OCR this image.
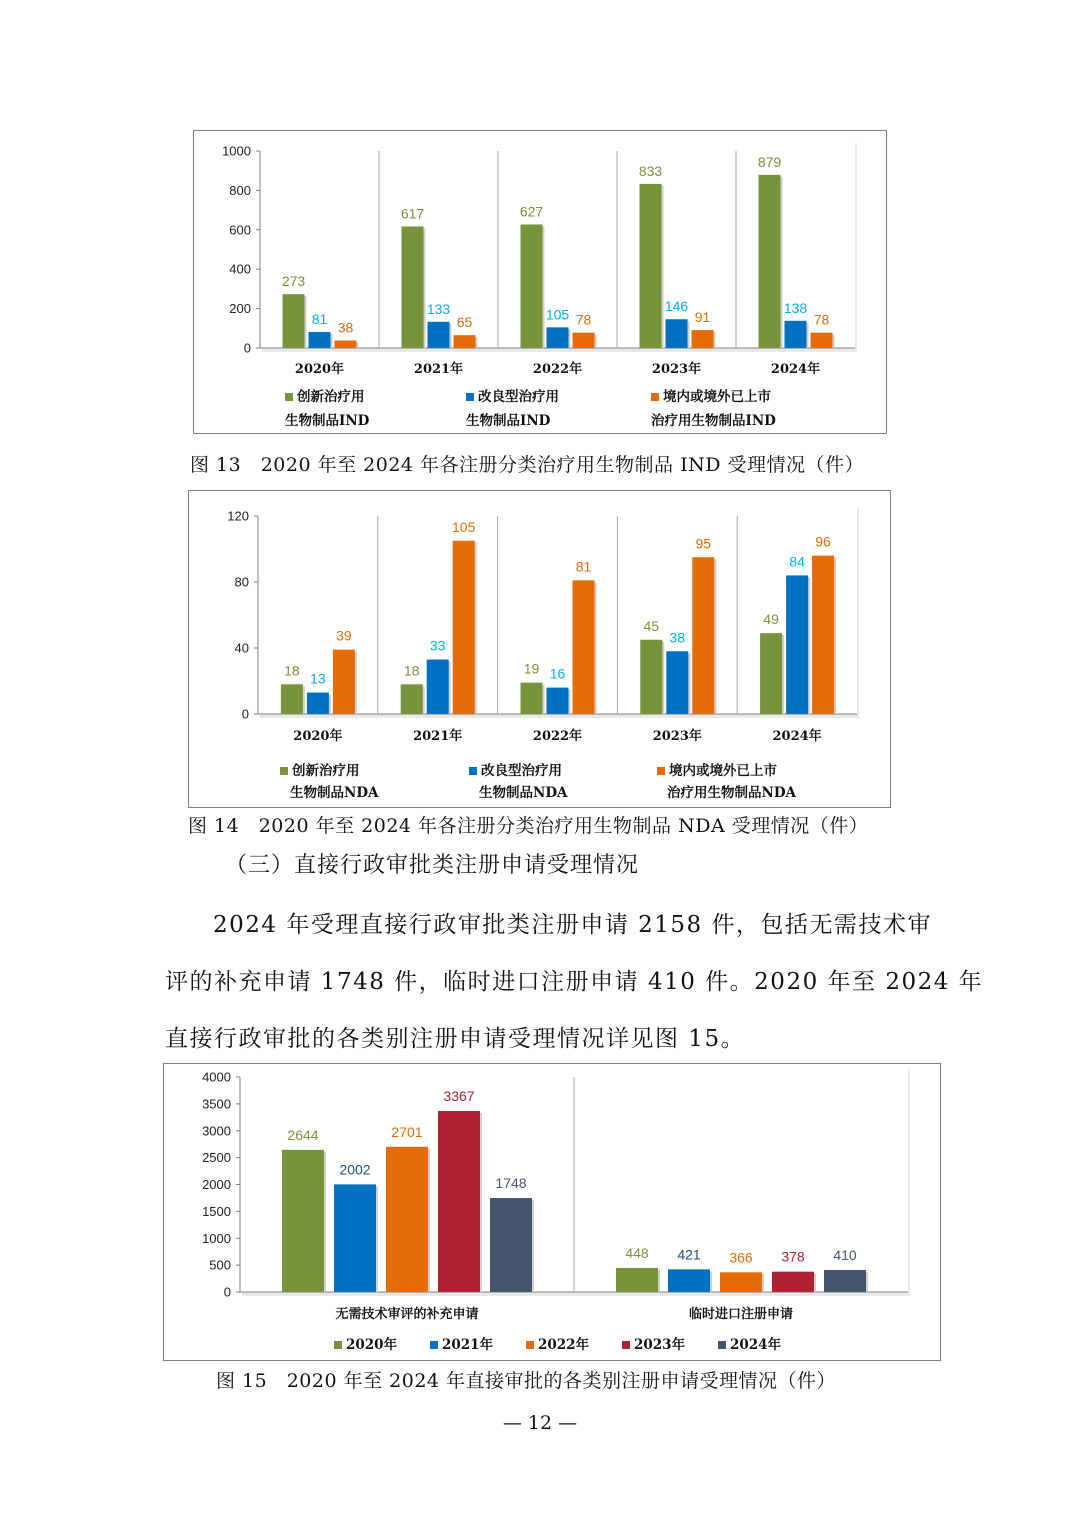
0
200
400
600
800
1000
273
81
38
2020年
617
133
65
2021年
627
105 78
2022年
833
146
91
2023年
879
138
78
2024年
创新治疗用
生物制品IND
改良型治疗用
生物制品IND
境内或境外已上市
治疗用生物制品IND
图 13　2020 年至 2024 年各注册分类治疗用生物制品 IND 受理情况（件）
0
40
80
120
18
13
39
2020年
18
33
105
2021年
19 16
81
2022年
45
38
95
2023年
49
84
96
2024年
创新治疗用
生物制品NDA
改良型治疗用
生物制品NDA
境内或境外已上市
治疗用生物制品NDA
图 14　2020 年至 2024 年各注册分类治疗用生物制品 NDA 受理情况（件）
（三）直接行政审批类注册申请受理情况
2024 年受理直接行政审批类注册申请 2158 件，包括无需技术审
评的补充申请 1748 件，临时进口注册申请 410 件。2020 年至 2024 年
直接行政审批的各类别注册申请受理情况详见图 15。
0
500
1000
1500
2000
2500
3000
3500
4000
2644
2002
2701
3367
1748
无需技术审评的补充申请
448 421 366 378 410
临时进口注册申请
2020年	2021年	2022年	2023年	2024年
图 15　2020 年至 2024 年直接审批的各类别注册申请受理情况（件）
— 12 —
